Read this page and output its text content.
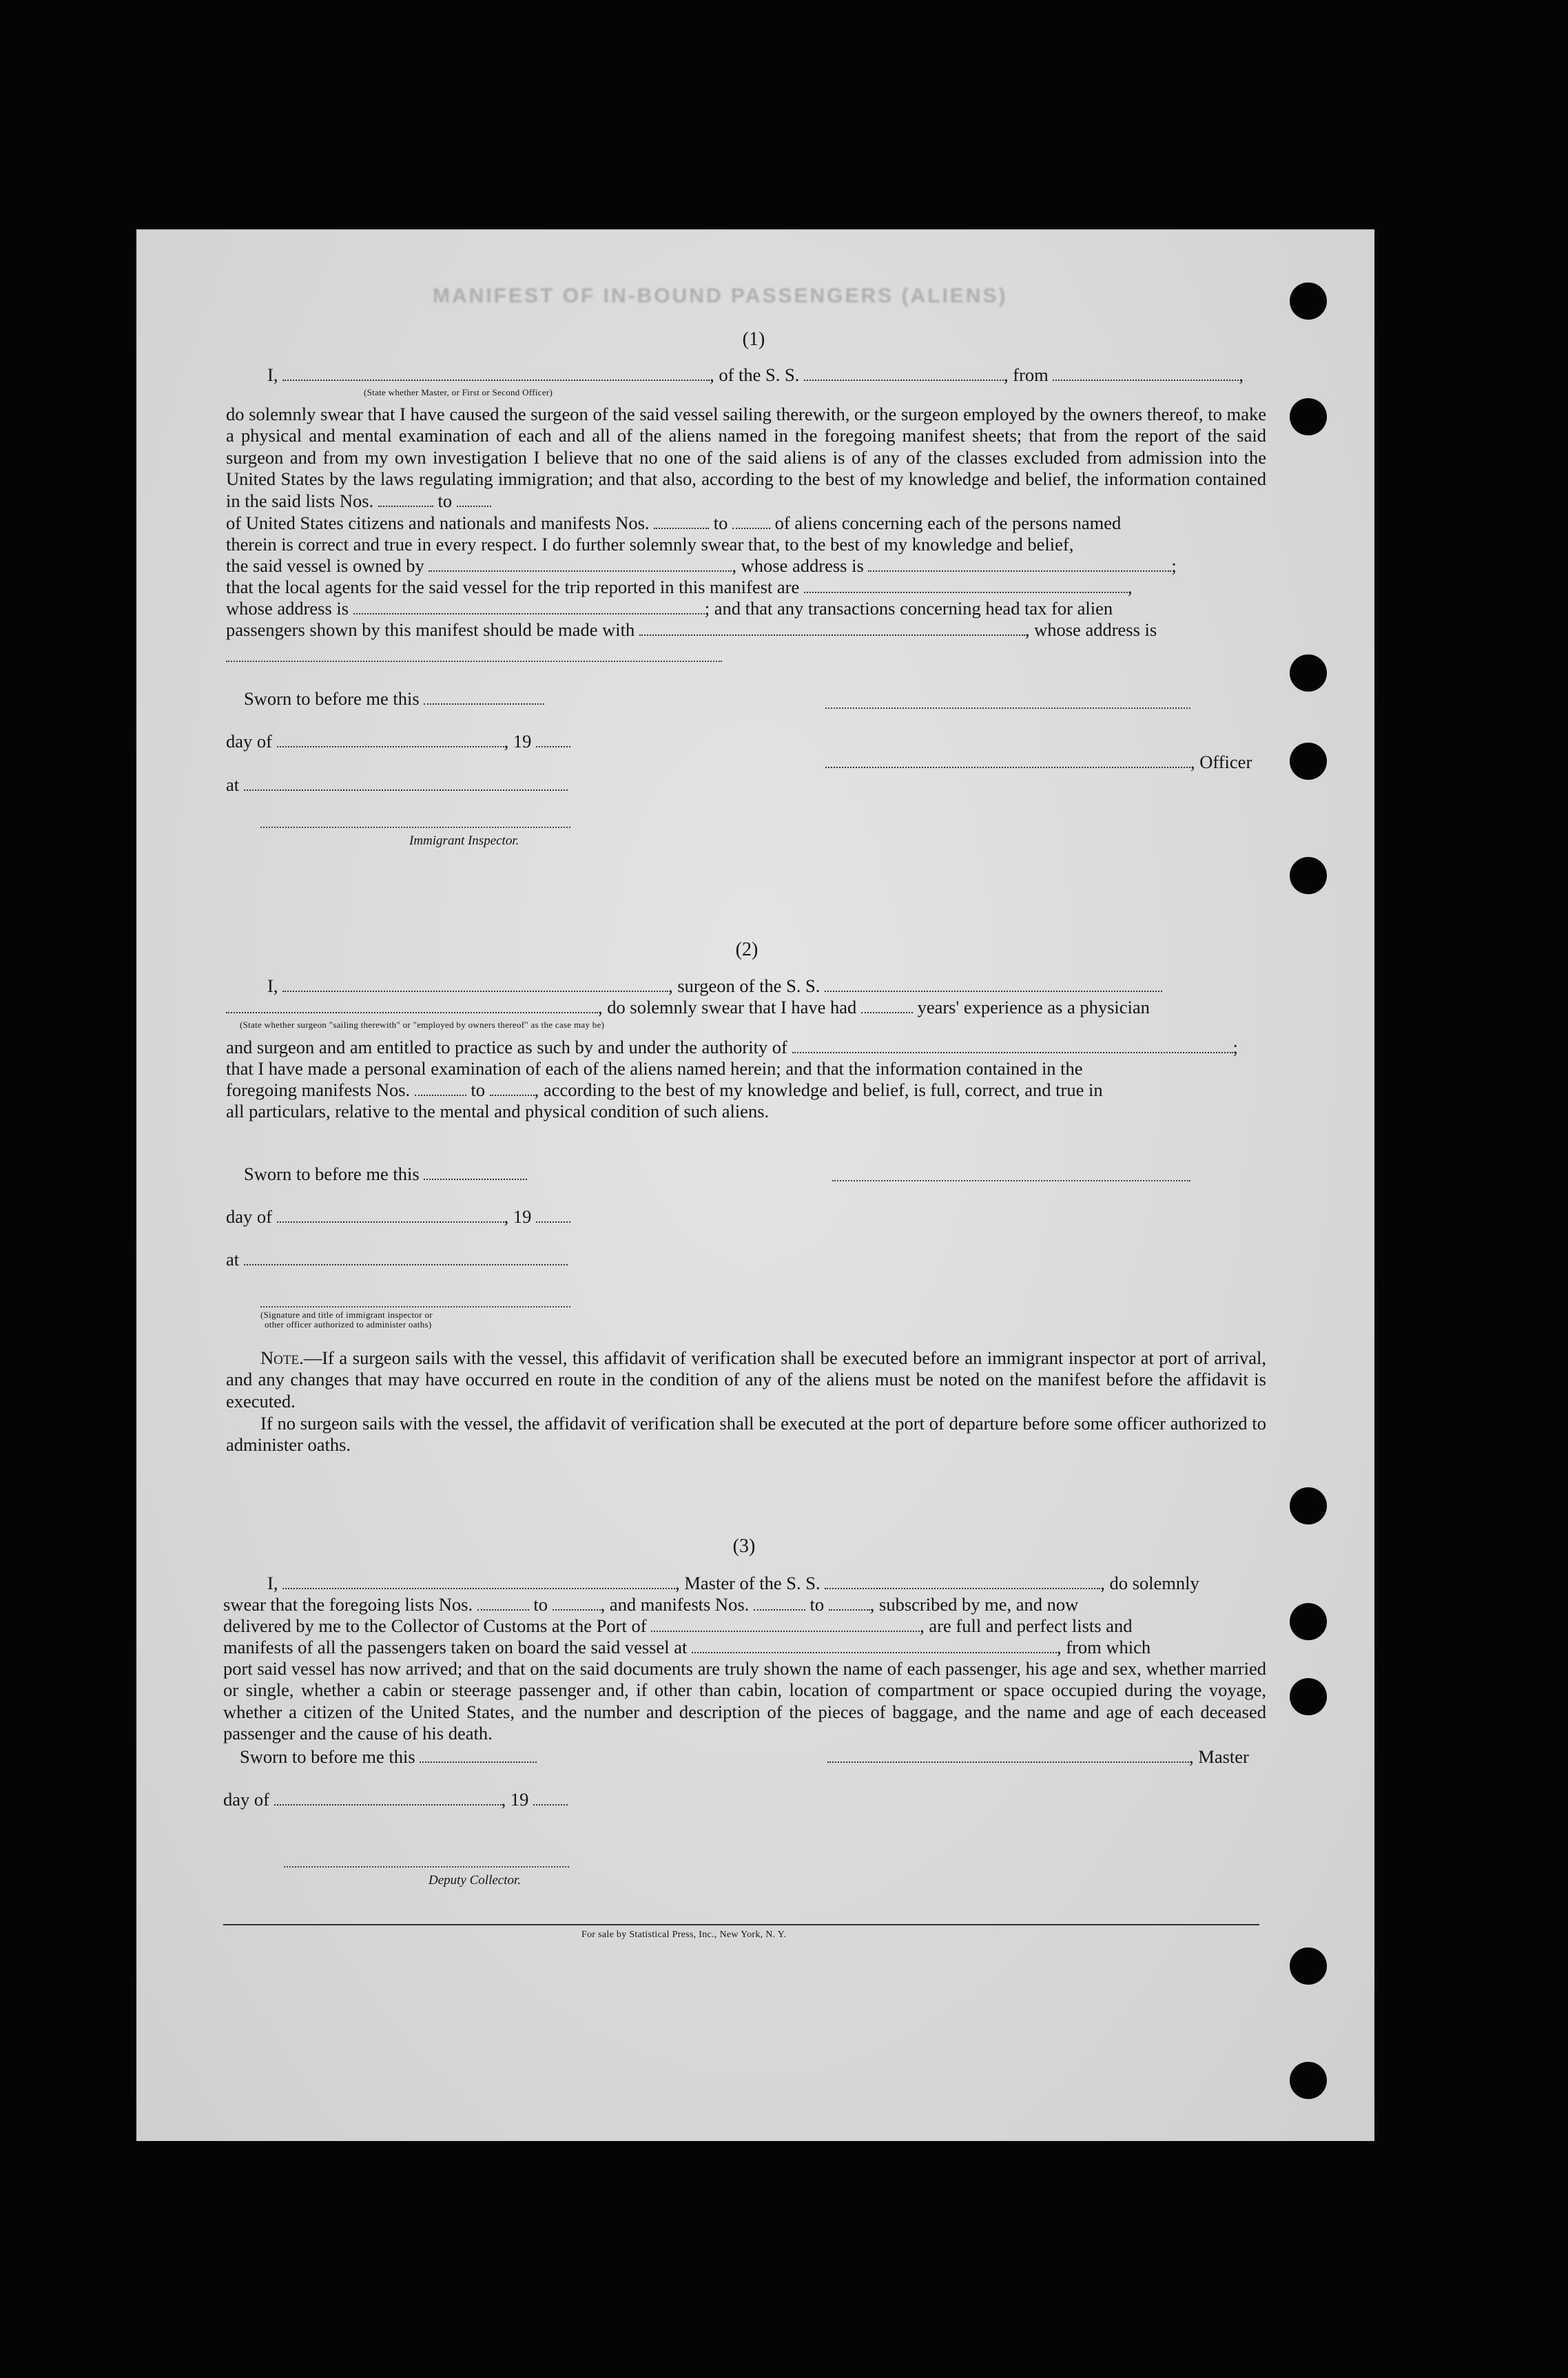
MANIFEST OF IN-BOUND PASSENGERS (ALIENS)
(1)
I,	, of the S. S.	, from	,
(State whether Master, or First or Second Officer)
do solemnly swear that I have caused the surgeon of the said vessel sailing therewith, or the surgeon employed by the owners thereof, to make a physical and mental examination of each and all of the aliens named in the foregoing manifest sheets; that from the report of the said surgeon and from my own investigation I believe that no one of the said aliens is of any of the classes excluded from admission into the United States by the laws regulating immigration; and that also, according to the best of my knowledge and belief, the information contained in the said lists Nos.	to
of United States citizens and nationals and manifests Nos.	to	of aliens concerning each of the persons named
therein is correct and true in every respect. I do further solemnly swear that, to the best of my knowledge and belief,
the said vessel is owned by	, whose address is	;
that the local agents for the said vessel for the trip reported in this manifest are	,
whose address is	; and that any transactions concerning head tax for alien
passengers shown by this manifest should be made with	, whose address is
Sworn to before me this
day of	, 19
, Officer
at
Immigrant Inspector.
(2)
I,	, surgeon of the S. S.
, do solemnly swear that I have had	years' experience as a physician
(State whether surgeon "sailing therewith" or "employed by owners thereof" as the case may be)
and surgeon and am entitled to practice as such by and under the authority of	;
that I have made a personal examination of each of the aliens named herein; and that the information contained in the
foregoing manifests Nos.	to	, according to the best of my knowledge and belief, is full, correct, and true in
all particulars, relative to the mental and physical condition of such aliens.
Sworn to before me this
day of	, 19
at
(Signature and title of immigrant inspector or
other officer authorized to administer oaths)
Note.—If a surgeon sails with the vessel, this affidavit of verification shall be executed before an immigrant inspector at port of arrival, and any changes that may have occurred en route in the condition of any of the aliens must be noted on the manifest before the affidavit is executed.
If no surgeon sails with the vessel, the affidavit of verification shall be executed at the port of departure before some officer authorized to administer oaths.
(3)
I,	, Master of the S. S.	, do solemnly
swear that the foregoing lists Nos.	to	, and manifests Nos.	to	, subscribed by me, and now
delivered by me to the Collector of Customs at the Port of	, are full and perfect lists and
manifests of all the passengers taken on board the said vessel at	, from which
port said vessel has now arrived; and that on the said documents are truly shown the name of each passenger, his age and sex, whether married or single, whether a cabin or steerage passenger and, if other than cabin, location of compartment or space occupied during the voyage, whether a citizen of the United States, and the number and description of the pieces of baggage, and the name and age of each deceased passenger and the cause of his death.
Sworn to before me this	, Master
day of	, 19
Deputy Collector.
For sale by Statistical Press, Inc., New York, N. Y.
